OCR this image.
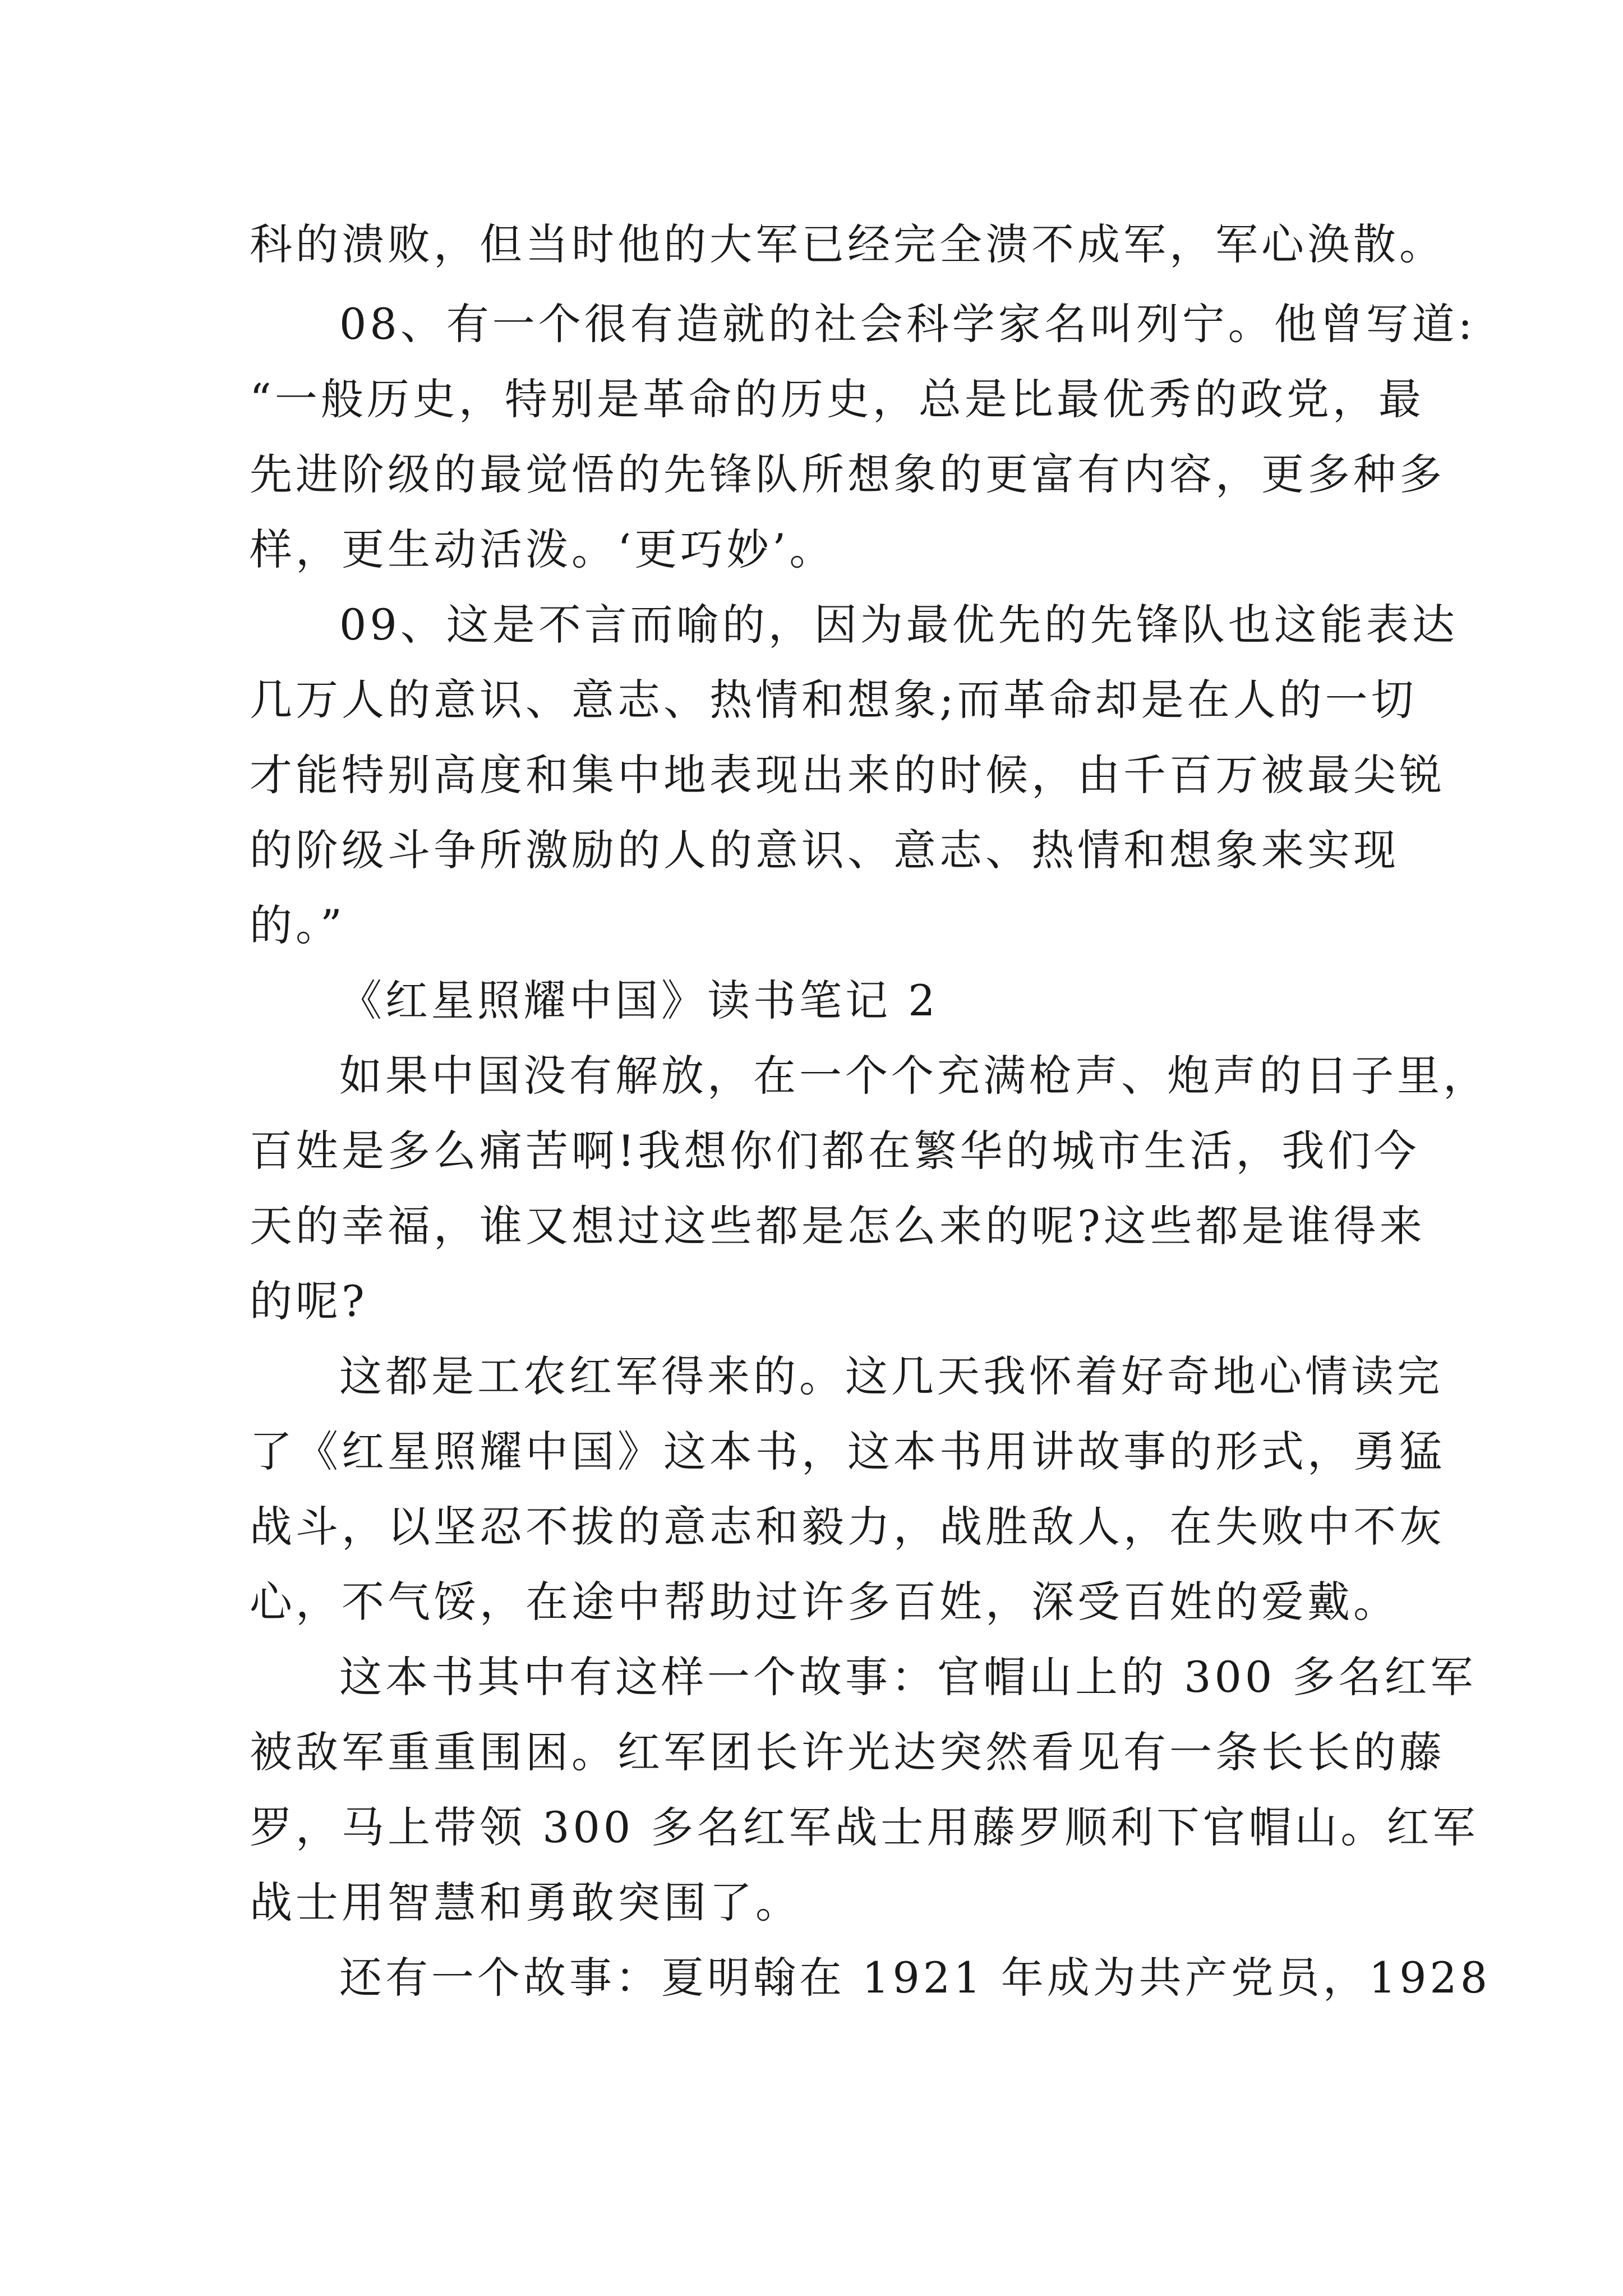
科的溃败，但当时他的大军已经完全溃不成军，军心涣散。
08、有一个很有造就的社会科学家名叫列宁。他曾写道:
“一般历史，特别是革命的历史，总是比最优秀的政党，最
先进阶级的最觉悟的先锋队所想象的更富有内容，更多种多
样，更生动活泼。‘更巧妙’。
09、这是不言而喻的，因为最优先的先锋队也这能表达
几万人的意识、意志、热情和想象;而革命却是在人的一切
才能特别高度和集中地表现出来的时候，由千百万被最尖锐
的阶级斗争所激励的人的意识、意志、热情和想象来实现
的。”
《红星照耀中国》读书笔记 2
如果中国没有解放，在一个个充满枪声、炮声的日子里，
百姓是多么痛苦啊!我想你们都在繁华的城市生活，我们今
天的幸福，谁又想过这些都是怎么来的呢?这些都是谁得来
的呢?
这都是工农红军得来的。这几天我怀着好奇地心情读完
了《红星照耀中国》这本书，这本书用讲故事的形式，勇猛
战斗，以坚忍不拔的意志和毅力，战胜敌人，在失败中不灰
心，不气馁，在途中帮助过许多百姓，深受百姓的爱戴。
这本书其中有这样一个故事：官帽山上的 300 多名红军
被敌军重重围困。红军团长许光达突然看见有一条长长的藤
罗，马上带领 300 多名红军战士用藤罗顺利下官帽山。红军
战士用智慧和勇敢突围了。
还有一个故事：夏明翰在 1921 年成为共产党员，1928
